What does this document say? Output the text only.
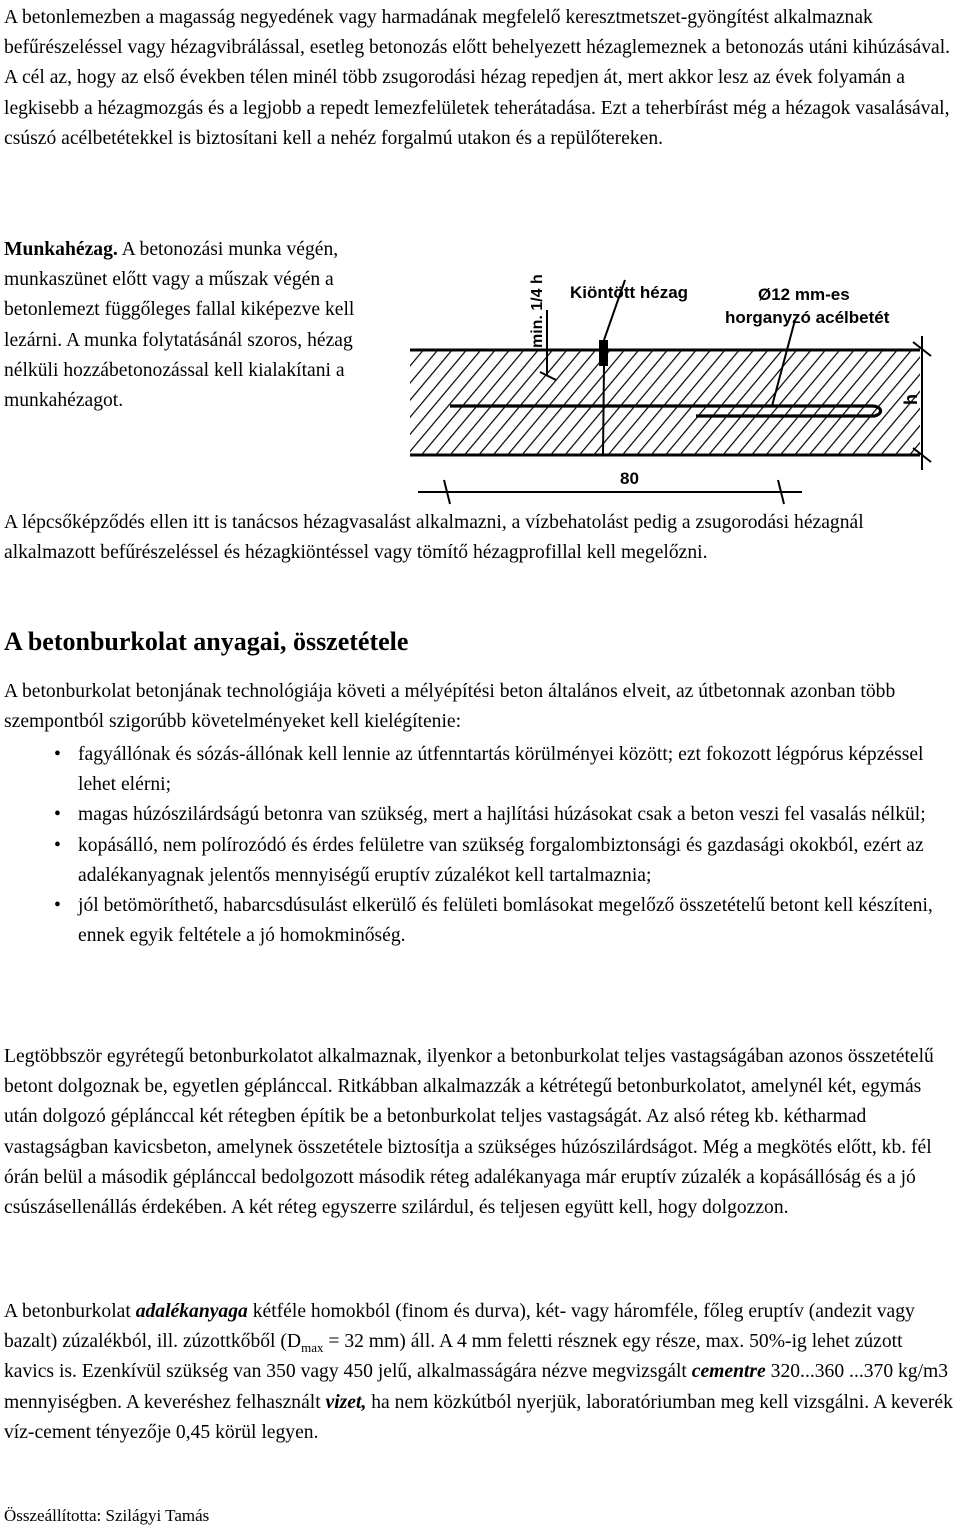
A betonlemezben a magasság negyedének vagy harmadának megfelelő keresztmetszet-gyöngítést alkalmaznak befűrészeléssel vagy hézagvibrálással, esetleg betonozás előtt behelyezett hézaglemeznek a betonozás utáni kihúzásával. A cél az, hogy az első években télen minél több zsugorodási hézag repedjen át, mert akkor lesz az évek folyamán a legkisebb a hézagmozgás és a legjobb a repedt lemezfelületek teherátadása. Ezt a teherbírást még a hézagok vasalásával, csúszó acélbetétekkel is biztosítani kell a nehéz forgalmú utakon és a repülőtereken.

Munkahézag. A betonozási munka végén, munkaszünet előtt vagy a műszak végén a betonlemezt függőleges fallal kiképezve kell lezárni. A munka folytatásánál szoros, hézag nélküli hozzábetonozással kell kialakítani a munkahézagot.

min. 1/4 h Kiöntött hézag	Ø12 mm-es
horganyzó acélbetét
h
80

A lépcsőképződés ellen itt is tanácsos hézagvasalást alkalmazni, a vízbehatolást pedig a zsugorodási hézagnál alkalmazott befűrészeléssel és hézagkiöntéssel vagy tömítő hézagprofillal kell megelőzni.

A betonburkolat anyagai, összetétele

A betonburkolat betonjának technológiája követi a mélyépítési beton általános elveit, az útbetonnak azonban több szempontból szigorúbb követelményeket kell kielégítenie:

• fagyállónak és sózás-állónak kell lennie az útfenntartás körülményei között; ezt fokozott légpórus képzéssel lehet elérni;
• magas húzószilárdságú betonra van szükség, mert a hajlítási húzásokat csak a beton veszi fel vasalás nélkül;
• kopásálló, nem polírozódó és érdes felületre van szükség forgalombiztonsági és gazdasági okokból, ezért az adalékanyagnak jelentős mennyiségű eruptív zúzalékot kell tartalmaznia;
• jól betömöríthető, habarcsdúsulást elkerülő és felületi bomlásokat megelőző összetételű betont kell készíteni, ennek egyik feltétele a jó homokminőség.

Legtöbbször egyrétegű betonburkolatot alkalmaznak, ilyenkor a betonburkolat teljes vastagságában azonos összetételű betont dolgoznak be, egyetlen géplánccal. Ritkábban alkalmazzák a kétrétegű betonburkolatot, amelynél két, egymás után dolgozó géplánccal két rétegben építik be a betonburkolat teljes vastagságát. Az alsó réteg kb. kétharmad vastagságban kavicsbeton, amelynek összetétele biztosítja a szükséges húzószilárdságot. Még a megkötés előtt, kb. fél órán belül a második géplánccal bedolgozott második réteg adalékanyaga már eruptív zúzalék a kopásállóság és a jó csúszásellenállás érdekében. A két réteg egyszerre szilárdul, és teljesen együtt kell, hogy dolgozzon.

A betonburkolat adalékanyaga kétféle homokból (finom és durva), két- vagy háromféle, főleg eruptív (andezit vagy bazalt) zúzalékból, ill. zúzottkőből ($D_{max} = 32$ mm) áll. A 4 mm feletti résznek egy része, max. 50%-ig lehet zúzott kavics is. Ezenkívül szükség van 350 vagy 450 jelű, alkalmasságára nézve megvizsgált cementre 320...360 ...370 kg/m3 mennyiségben. A keveréshez felhasznált vizet, ha nem közkútból nyerjük, laboratóriumban meg kell vizsgálni. A keverék víz-cement tényezője 0,45 körül legyen.

Összeállította: Szilágyi Tamás
